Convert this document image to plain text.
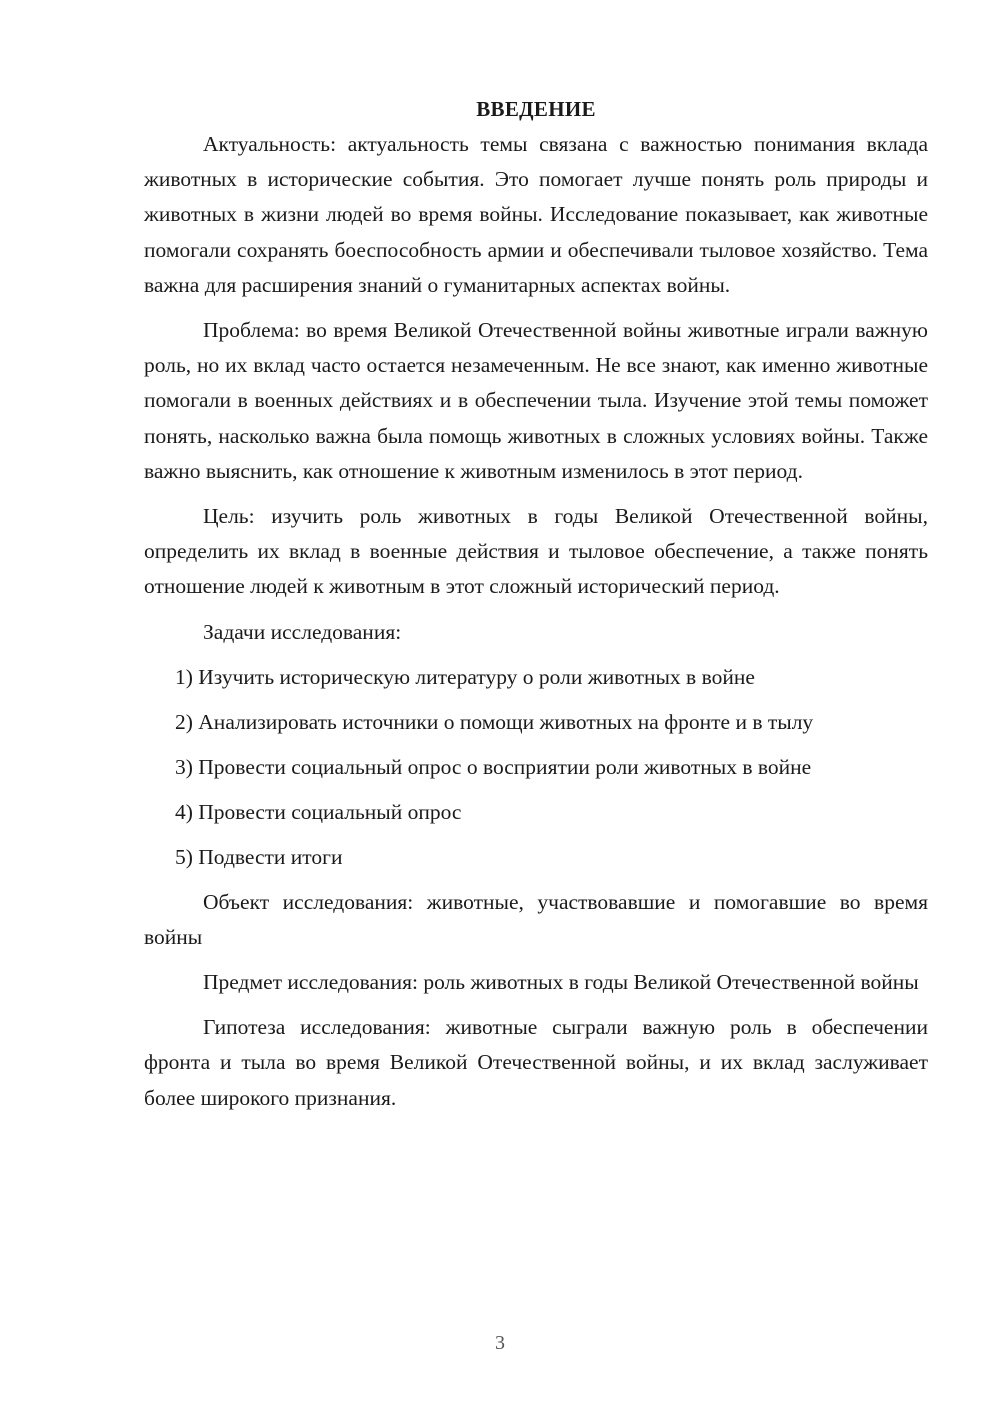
ВВЕДЕНИЕ

Актуальность: актуальность темы связана с важностью понимания вклада животных в исторические события. Это помогает лучше понять роль природы и животных в жизни людей во время войны. Исследование показывает, как животные помогали сохранять боеспособность армии и обеспечивали тыловое хозяйство. Тема важна для расширения знаний о гуманитарных аспектах войны.

Проблема: во время Великой Отечественной войны животные играли важную роль, но их вклад часто остается незамеченным. Не все знают, как именно животные помогали в военных действиях и в обеспечении тыла. Изучение этой темы поможет понять, насколько важна была помощь животных в сложных условиях войны. Также важно выяснить, как отношение к животным изменилось в этот период.

Цель: изучить роль животных в годы Великой Отечественной войны, определить их вклад в военные действия и тыловое обеспечение, а также понять отношение людей к животным в этот сложный исторический период.

Задачи исследования:
1) Изучить историческую литературу о роли животных в войне
2) Анализировать источники о помощи животных на фронте и в тылу
3) Провести социальный опрос о восприятии роли животных в войне
4) Провести социальный опрос
5) Подвести итоги

Объект исследования: животные, участвовавшие и помогавшие во время войны

Предмет исследования: роль животных в годы Великой Отечественной войны

Гипотеза исследования: животные сыграли важную роль в обеспечении фронта и тыла во время Великой Отечественной войны, и их вклад заслуживает более широкого признания.

3
